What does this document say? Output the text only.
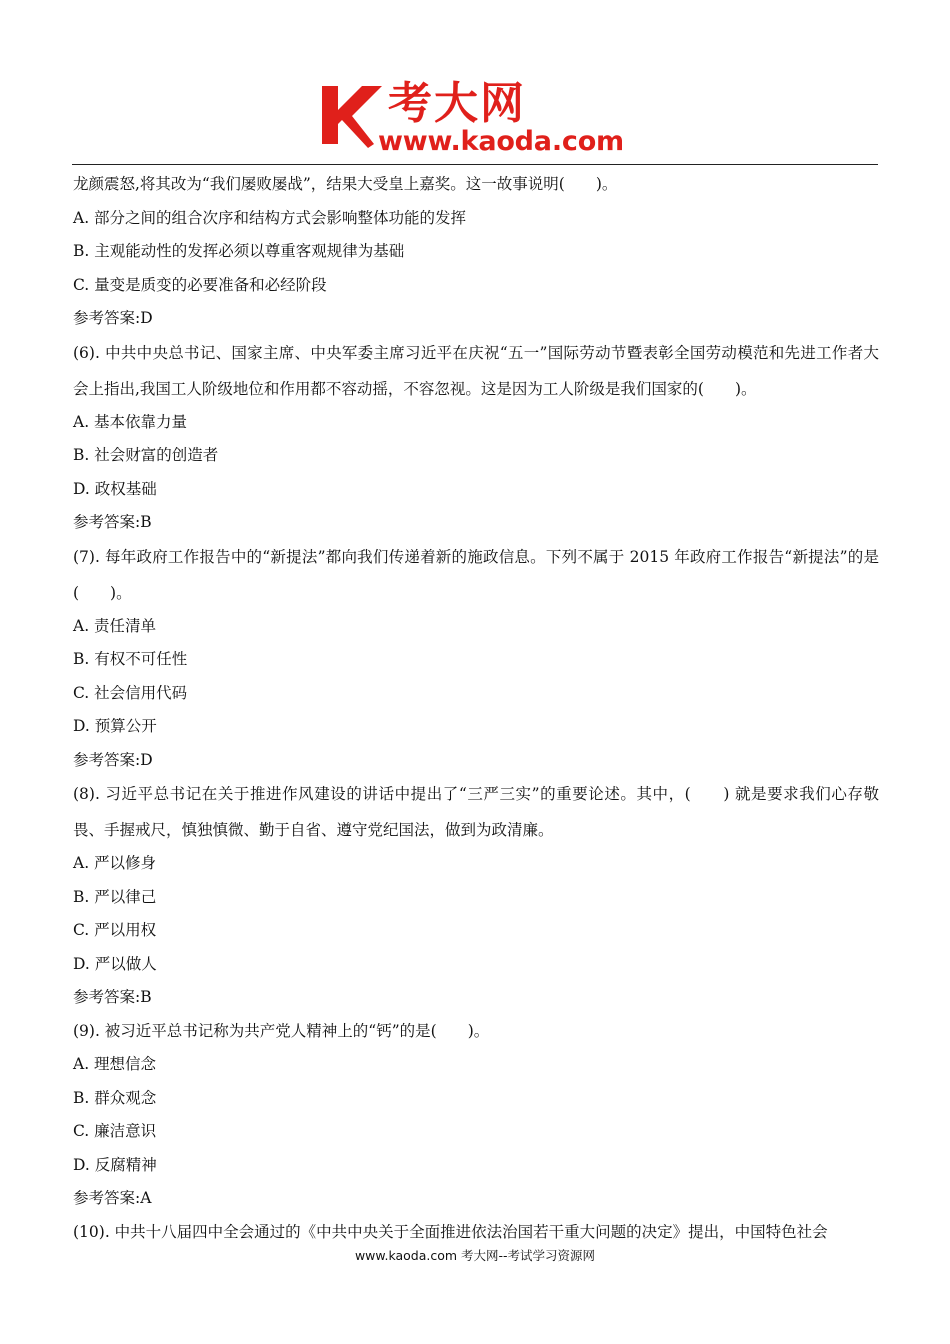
考大网
www.kaoda.com
龙颜震怒,将其改为“我们屡败屡战”，结果大受皇上嘉奖。这一故事说明(　　)。
A. 部分之间的组合次序和结构方式会影响整体功能的发挥
B. 主观能动性的发挥必须以尊重客观规律为基础
C. 量变是质变的必要准备和必经阶段
参考答案:D
(6). 中共中央总书记、国家主席、中央军委主席习近平在庆祝“五一”国际劳动节暨表彰全国劳动模范和先进工作者大会上指出,我国工人阶级地位和作用都不容动摇，不容忽视。这是因为工人阶级是我们国家的(　　)。
A. 基本依靠力量
B. 社会财富的创造者
D. 政权基础
参考答案:B
(7). 每年政府工作报告中的“新提法”都向我们传递着新的施政信息。下列不属于 2015 年政府工作报告“新提法”的是(　　)。
A. 责任清单
B. 有权不可任性
C. 社会信用代码
D. 预算公开
参考答案:D
(8). 习近平总书记在关于推进作风建设的讲话中提出了“三严三实”的重要论述。其中，(　　) 就是要求我们心存敬畏、手握戒尺，慎独慎微、勤于自省、遵守党纪国法，做到为政清廉。
A. 严以修身
B. 严以律己
C. 严以用权
D. 严以做人
参考答案:B
(9). 被习近平总书记称为共产党人精神上的“钙”的是(　　)。
A. 理想信念
B. 群众观念
C. 廉洁意识
D. 反腐精神
参考答案:A
(10). 中共十八届四中全会通过的《中共中央关于全面推进依法治国若干重大问题的决定》提出，中国特色社会
www.kaoda.com 考大网--考试学习资源网
